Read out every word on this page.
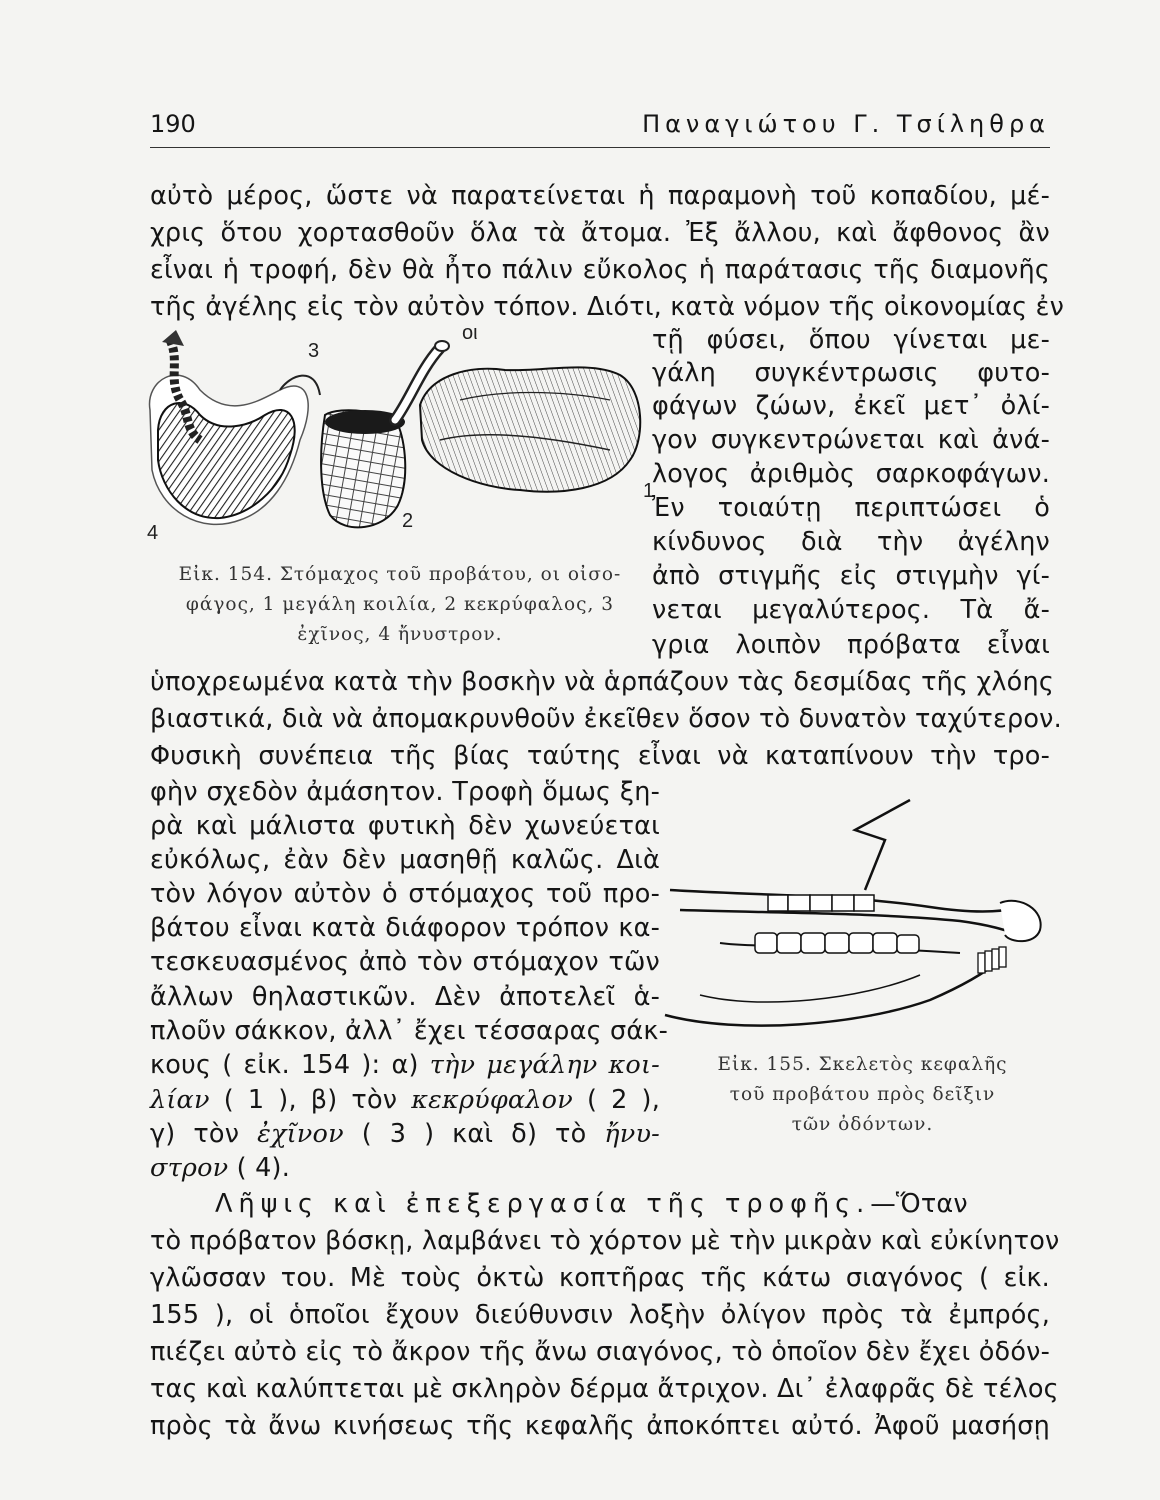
190	Παναγιώτου Γ. Τσίληθρα
αὐτὸ μέρος, ὥστε νὰ παρατείνεται ἡ παραμονὴ τοῦ κοπαδίου, μέ-
χρις ὅτου χορτασθοῦν ὅλα τὰ ἄτομα. Ἐξ ἄλλου, καὶ ἄφθονος ἂν
εἶναι ἡ τροφή, δὲν θὰ ἦτο πάλιν εὔκολος ἡ παράτασις τῆς διαμονῆς
τῆς ἀγέλης εἰς τὸν αὐτὸν τόπον. Διότι, κατὰ νόμον τῆς οἰκονομίας ἐν
τῇ φύσει, ὅπου γίνεται με-
γάλη συγκέντρωσις φυτο-
φάγων ζώων, ἐκεῖ μετ᾽ ὀλί-
γον συγκεντρώνεται καὶ ἀνά-
λογος ἀριθμὸς σαρκοφάγων.
Ἐν τοιαύτῃ περιπτώσει ὁ
κίνδυνος διὰ τὴν ἀγέλην
ἀπὸ στιγμῆς εἰς στιγμὴν γί-
νεται μεγαλύτερος. Τὰ ἄ-
γρια λοιπὸν πρόβατα εἶναι
οι
3
1
2
4
Εἰκ. 154. Στόμαχος τοῦ προβάτου, οι οἰσο-
φάγος, 1 μεγάλη κοιλία, 2 κεκρύφαλος, 3
ἐχῖνος, 4 ἤνυστρον.
ὑποχρεωμένα κατὰ τὴν βοσκὴν νὰ ἁρπάζουν τὰς δεσμίδας τῆς χλόης
βιαστικά, διὰ νὰ ἀπομακρυνθοῦν ἐκεῖθεν ὅσον τὸ δυνατὸν ταχύτερον.
Φυσικὴ συνέπεια τῆς βίας ταύτης εἶναι νὰ καταπίνουν τὴν τρο-
φὴν σχεδὸν ἀμάσητον. Τροφὴ ὅμως ξη-
ρὰ καὶ μάλιστα φυτικὴ δὲν χωνεύεται
εὐκόλως, ἐὰν δὲν μασηθῇ καλῶς. Διὰ
τὸν λόγον αὐτὸν ὁ στόμαχος τοῦ προ-
βάτου εἶναι κατὰ διάφορον τρόπον κα-
τεσκευασμένος ἀπὸ τὸν στόμαχον τῶν
ἄλλων θηλαστικῶν. Δὲν ἀποτελεῖ ἁ-
πλοῦν σάκκον, ἀλλ᾽ ἔχει τέσσαρας σάκ-
κους ( εἰκ. 154 ): α) τὴν μεγάλην κοι-
λίαν ( 1 ), β) τὸν κεκρύφαλον ( 2 ),
γ) τὸν ἐχῖνον ( 3 ) καὶ δ) τὸ ἤνυ-
στρον ( 4).
Εἰκ. 155. Σκελετὸς κεφαλῆς
τοῦ προβάτου πρὸς δεῖξιν
τῶν ὀδόντων.
Λῆψις καὶ ἐπεξεργασία τῆς τροφῆς.—Ὅταν
τὸ πρόβατον βόσκῃ, λαμβάνει τὸ χόρτον μὲ τὴν μικρὰν καὶ εὐκίνητον
γλῶσσαν του. Μὲ τοὺς ὀκτὼ κοπτῆρας τῆς κάτω σιαγόνος ( εἰκ.
155 ), οἱ ὁποῖοι ἔχουν διεύθυνσιν λοξὴν ὀλίγον πρὸς τὰ ἐμπρός,
πιέζει αὐτὸ εἰς τὸ ἄκρον τῆς ἄνω σιαγόνος, τὸ ὁποῖον δὲν ἔχει ὀδόν-
τας καὶ καλύπτεται μὲ σκληρὸν δέρμα ἄτριχον. Δι᾽ ἐλαφρᾶς δὲ τέλος
πρὸς τὰ ἄνω κινήσεως τῆς κεφαλῆς ἀποκόπτει αὐτό. Ἀφοῦ μασήσῃ
